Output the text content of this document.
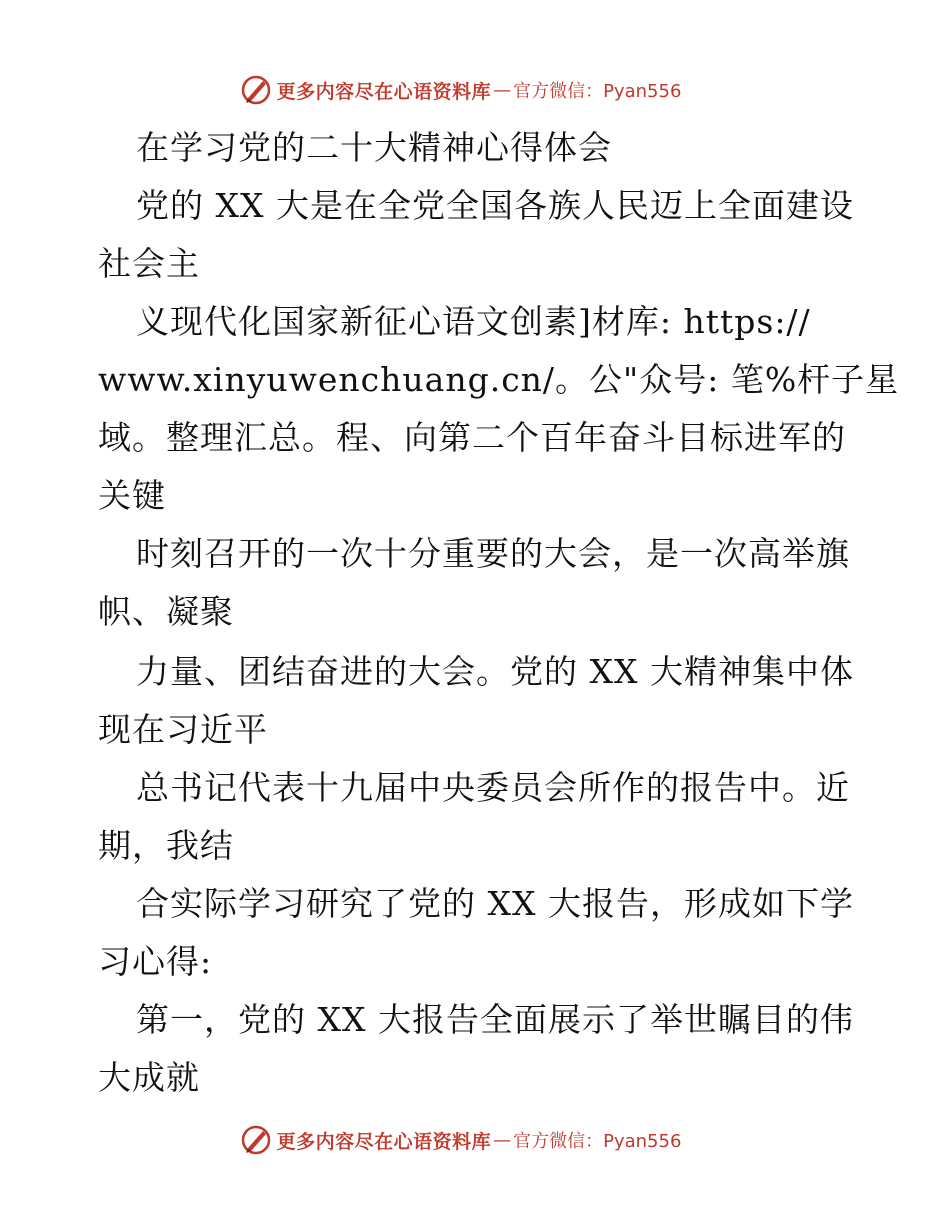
更多内容尽在心语资料库 — 官方微信：Pyan556
在学习党的二十大精神心得体会
党的 XX 大是在全党全国各族人民迈上全面建设
社会主
义现代化国家新征心语文创素]材库: https://
www.xinyuwenchuang.cn/。公"众号: 笔%杆子星
域。整理汇总。程、向第二个百年奋斗目标进军的
关键
时刻召开的一次十分重要的大会，是一次高举旗
帜、凝聚
力量、团结奋进的大会。党的 XX 大精神集中体
现在习近平
总书记代表十九届中央委员会所作的报告中。近
期，我结
合实际学习研究了党的 XX 大报告，形成如下学
习心得:
第一，党的 XX 大报告全面展示了举世瞩目的伟
大成就
更多内容尽在心语资料库 — 官方微信：Pyan556
